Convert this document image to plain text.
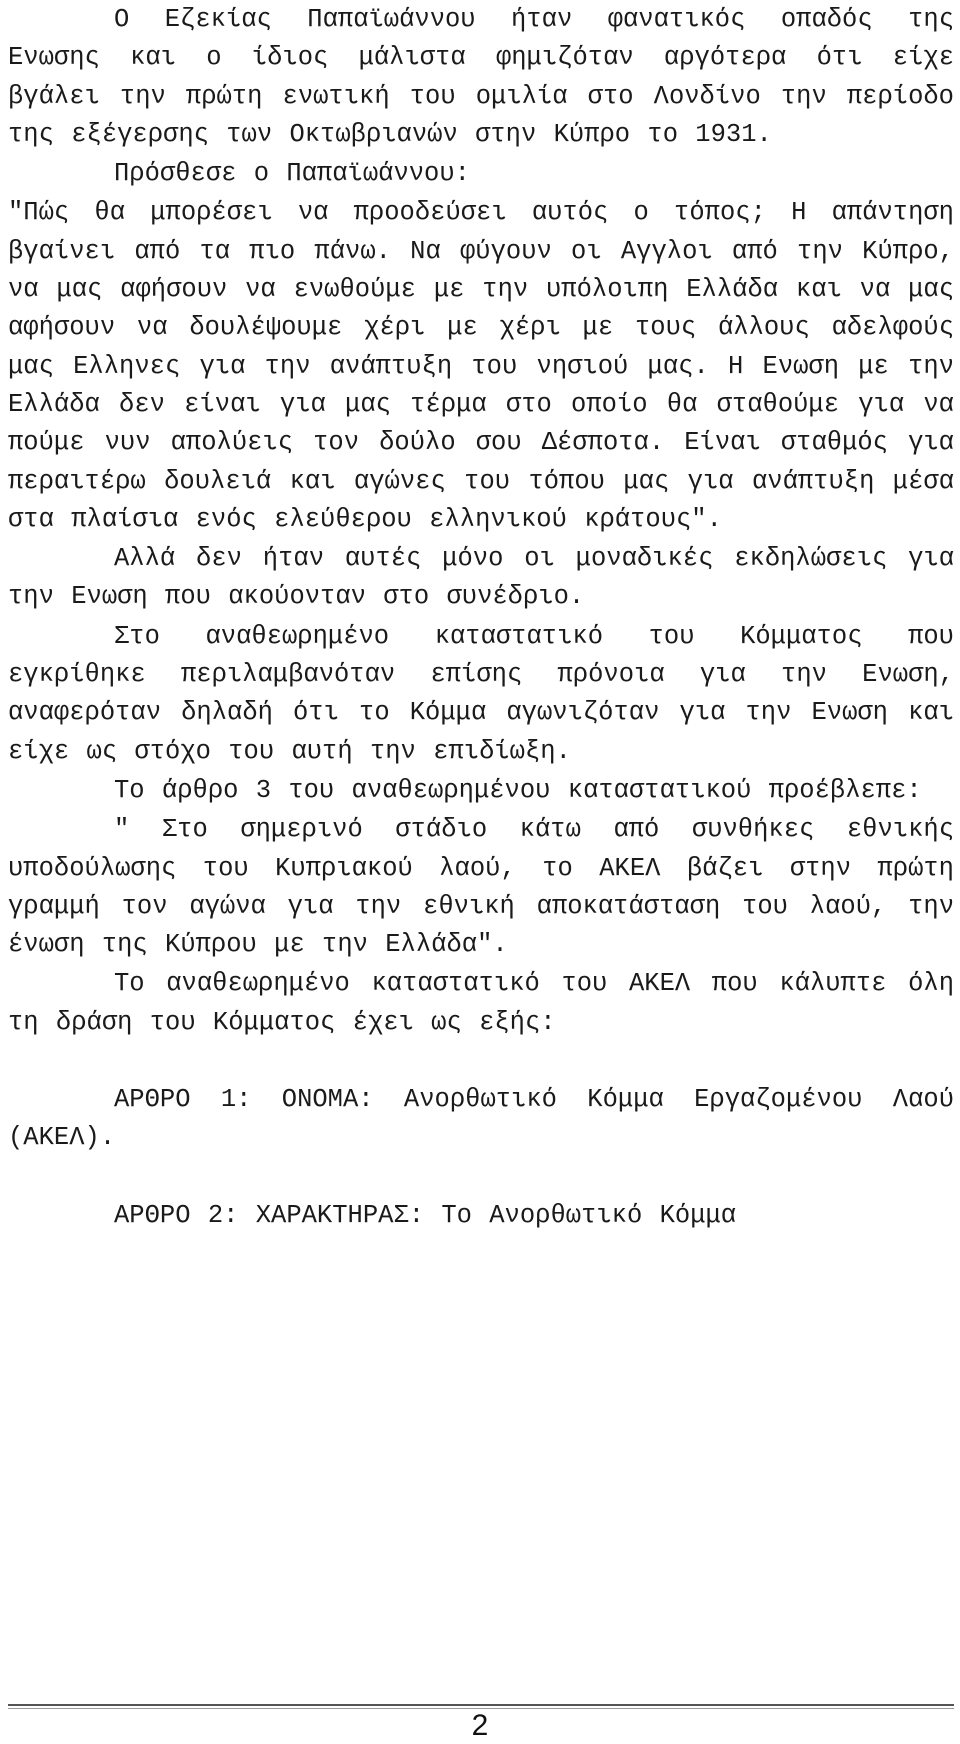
Ο Εζεκίας Παπαϊωάννου ήταν φανατικός οπαδός της Ενωσης και ο ίδιος μάλιστα φημιζόταν αργότερα ότι είχε βγάλει την πρώτη ενωτική του ομιλία στο Λονδίνο την περίοδο της εξέγερσης των Οκτωβριανών στην Κύπρο το 1931.

Πρόσθεσε ο Παπαϊωάννου:

"Πώς θα μπορέσει να προοδεύσει αυτός ο τόπος; Η απάντηση βγαίνει από τα πιο πάνω. Να φύγουν οι Αγγλοι από την Κύπρο, να μας αφήσουν να ενωθούμε με την υπόλοιπη Ελλάδα και να μας αφήσουν να δουλέψουμε χέρι με χέρι με τους άλλους αδελφούς μας Ελληνες για την ανάπτυξη του νησιού μας. Η Ενωση με την Ελλάδα δεν είναι για μας τέρμα στο οποίο θα σταθούμε για να πούμε νυν απολύεις τον δούλο σου Δέσποτα. Είναι σταθμός για περαιτέρω δουλειά και αγώνες του τόπου μας για ανάπτυξη μέσα στα πλαίσια ενός ελεύθερου ελληνικού κράτους".

Αλλά δεν ήταν αυτές μόνο οι μοναδικές εκδηλώσεις για την Ενωση που ακούονταν στο συνέδριο.

Στο αναθεωρημένο καταστατικό του Κόμματος που εγκρίθηκε περιλαμβανόταν επίσης πρόνοια για την Ενωση, αναφερόταν δηλαδή ότι το Κόμμα αγωνιζόταν για την Ενωση και είχε ως στόχο του αυτή την επιδίωξη.

Το άρθρο 3 του αναθεωρημένου καταστατικού προέβλεπε:

" Στο σημερινό στάδιο κάτω από συνθήκες εθνικής υποδούλωσης του Κυπριακού λαού, το ΑΚΕΛ βάζει στην πρώτη γραμμή τον αγώνα για την εθνική αποκατάσταση του λαού, την ένωση της Κύπρου με την Ελλάδα".

Το αναθεωρημένο καταστατικό του ΑΚΕΛ που κάλυπτε όλη τη δράση του Κόμματος έχει ως εξής:

ΑΡΘΡΟ 1: ΟΝΟΜΑ: Ανορθωτικό Κόμμα Εργαζομένου Λαού (ΑΚΕΛ).

ΑΡΘΡΟ 2: ΧΑΡΑΚΤΗΡΑΣ: Το Ανορθωτικό Κόμμα

2
